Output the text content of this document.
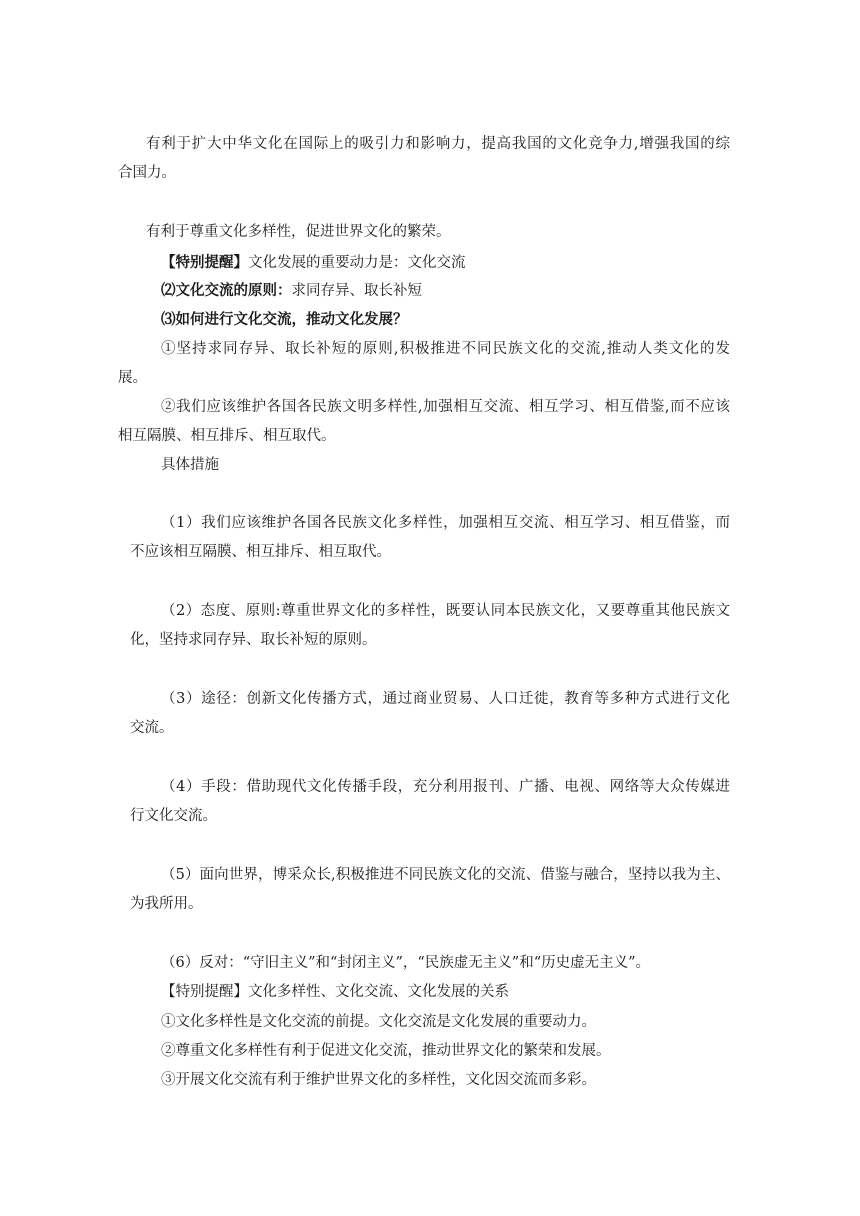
有利于扩大中华文化在国际上的吸引力和影响力，提高我国的文化竞争力,增强我国的综
合国力。
有利于尊重文化多样性，促进世界文化的繁荣。
【特别提醒】文化发展的重要动力是：文化交流
⑵文化交流的原则：求同存异、取长补短
⑶如何进行文化交流，推动文化发展？
①坚持求同存异、取长补短的原则,积极推进不同民族文化的交流,推动人类文化的发
展。
②我们应该维护各国各民族文明多样性,加强相互交流、相互学习、相互借鉴,而不应该
相互隔膜、相互排斥、相互取代。
具体措施
（1）我们应该维护各国各民族文化多样性，加强相互交流、相互学习、相互借鉴，而
不应该相互隔膜、相互排斥、相互取代。
（2）态度、原则:尊重世界文化的多样性，既要认同本民族文化，又要尊重其他民族文
化，坚持求同存异、取长补短的原则。
（3）途径：创新文化传播方式，通过商业贸易、人口迁徙，教育等多种方式进行文化
交流。
（4）手段：借助现代文化传播手段，充分利用报刊、广播、电视、网络等大众传媒进
行文化交流。
（5）面向世界，博采众长,积极推进不同民族文化的交流、借鉴与融合，坚持以我为主、
为我所用。
（6）反对：“守旧主义”和“封闭主义”，“民族虚无主义”和“历史虚无主义”。
【特别提醒】文化多样性、文化交流、文化发展的关系
①文化多样性是文化交流的前提。文化交流是文化发展的重要动力。
②尊重文化多样性有利于促进文化交流，推动世界文化的繁荣和发展。
③开展文化交流有利于维护世界文化的多样性，文化因交流而多彩。
